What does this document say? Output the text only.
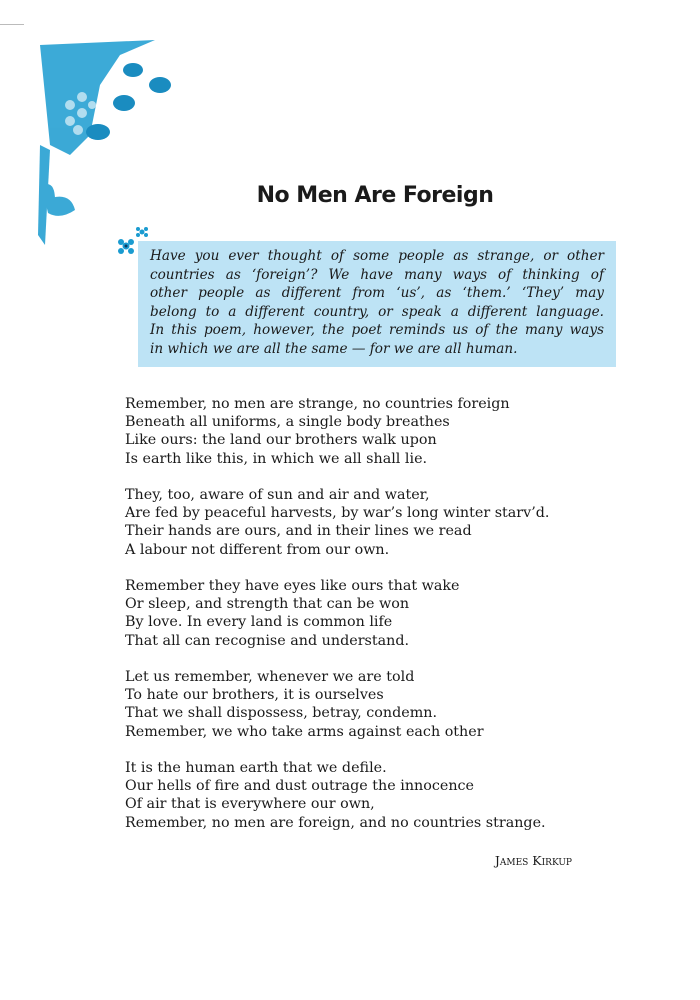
No Men Are Foreign
Have you ever thought of some people as strange, or other
countries as ‘foreign’? We have many ways of thinking of
other people as different from ‘us’, as ‘them.’ ‘They’ may
belong to a different country, or speak a different language.
In this poem, however, the poet reminds us of the many ways
in which we are all the same — for we are all human.
Remember, no men are strange, no countries foreign
Beneath all uniforms, a single body breathes
Like ours: the land our brothers walk upon
Is earth like this, in which we all shall lie.
They, too, aware of sun and air and water,
Are fed by peaceful harvests, by war’s long winter starv’d.
Their hands are ours, and in their lines we read
A labour not different from our own.
Remember they have eyes like ours that wake
Or sleep, and strength that can be won
By love. In every land is common life
That all can recognise and understand.
Let us remember, whenever we are told
To hate our brothers, it is ourselves
That we shall dispossess, betray, condemn.
Remember, we who take arms against each other
It is the human earth that we defile.
Our hells of fire and dust outrage the innocence
Of air that is everywhere our own,
Remember, no men are foreign, and no countries strange.
James Kirkup
